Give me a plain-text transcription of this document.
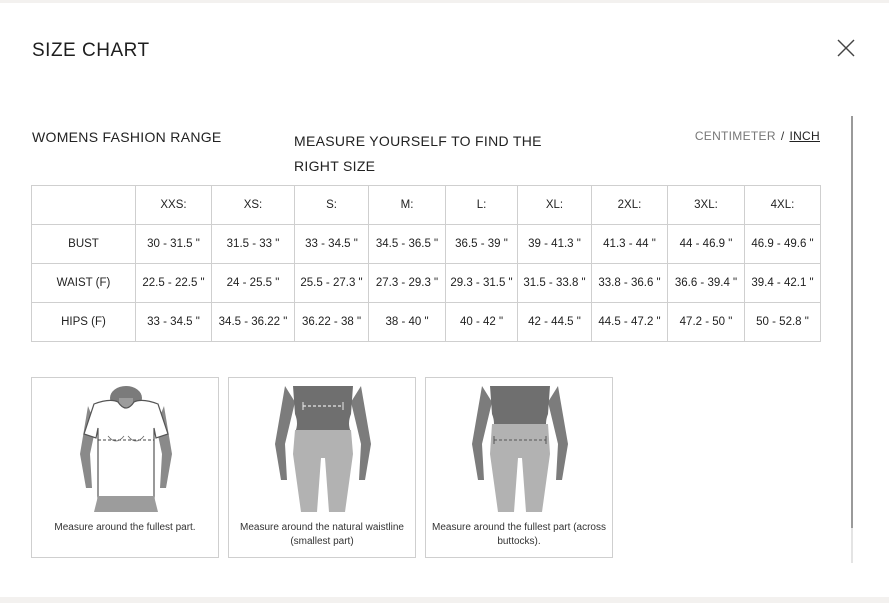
SIZE CHART
WOMENS FASHION RANGE	MEASURE YOURSELF TO FIND THE RIGHT SIZE
CENTIMETER / INCH
	XXS:	XS:	S:	M:	L:	XL:	2XL:	3XL:	4XL:
BUST	30 - 31.5 "	31.5 - 33 "	33 - 34.5 "	34.5 - 36.5 "	36.5 - 39 "	39 - 41.3 "	41.3 - 44 "	44 - 46.9 "	46.9 - 49.6 "
WAIST (F)	22.5 - 22.5 "	24 - 25.5 "	25.5 - 27.3 "	27.3 - 29.3 "	29.3 - 31.5 "	31.5 - 33.8 "	33.8 - 36.6 "	36.6 - 39.4 "	39.4 - 42.1 "
HIPS (F)	33 - 34.5 "	34.5 - 36.22 "	36.22 - 38 "	38 - 40 "	40 - 42 "	42 - 44.5 "	44.5 - 47.2 "	47.2 - 50 "	50 - 52.8 "
Measure around the fullest part.	Measure around the natural waistline (smallest part)
Measure around the fullest part (across buttocks).
